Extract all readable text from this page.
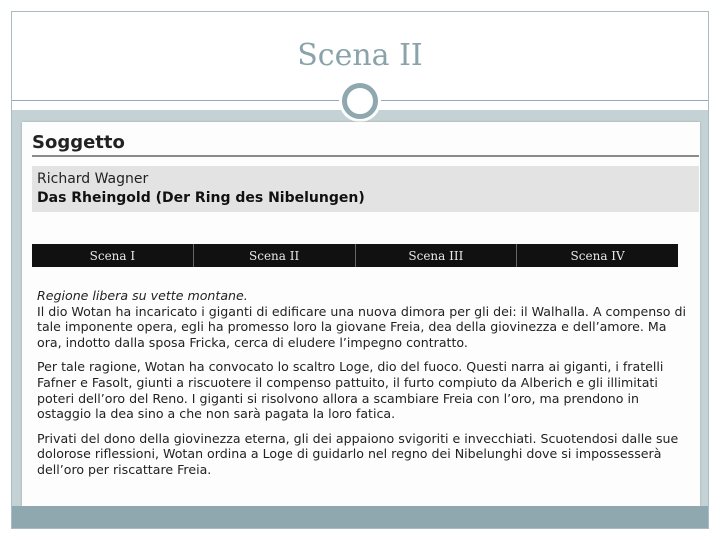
Scena II
Soggetto
Richard Wagner
Das Rheingold (Der Ring des Nibelungen)
Scena I	Scena II	Scena III	Scena IV

Regione libera su vette montane.
Il dio Wotan ha incaricato i giganti di edificare una nuova dimora per gli dei: il Walhalla. A compenso di tale imponente opera, egli ha promesso loro la giovane Freia, dea della giovinezza e dell’amore. Ma ora, indotto dalla sposa Fricka, cerca di eludere l’impegno contratto.

Per tale ragione, Wotan ha convocato lo scaltro Loge, dio del fuoco. Questi narra ai giganti, i fratelli Fafner e Fasolt, giunti a riscuotere il compenso pattuito, il furto compiuto da Alberich e gli illimitati poteri dell’oro del Reno. I giganti si risolvono allora a scambiare Freia con l’oro, ma prendono in ostaggio la dea sino a che non sarà pagata la loro fatica.

Privati del dono della giovinezza eterna, gli dei appaiono svigoriti e invecchiati. Scuotendosi dalle sue dolorose riflessioni, Wotan ordina a Loge di guidarlo nel regno dei Nibelunghi dove si impossesserà dell’oro per riscattare Freia.
